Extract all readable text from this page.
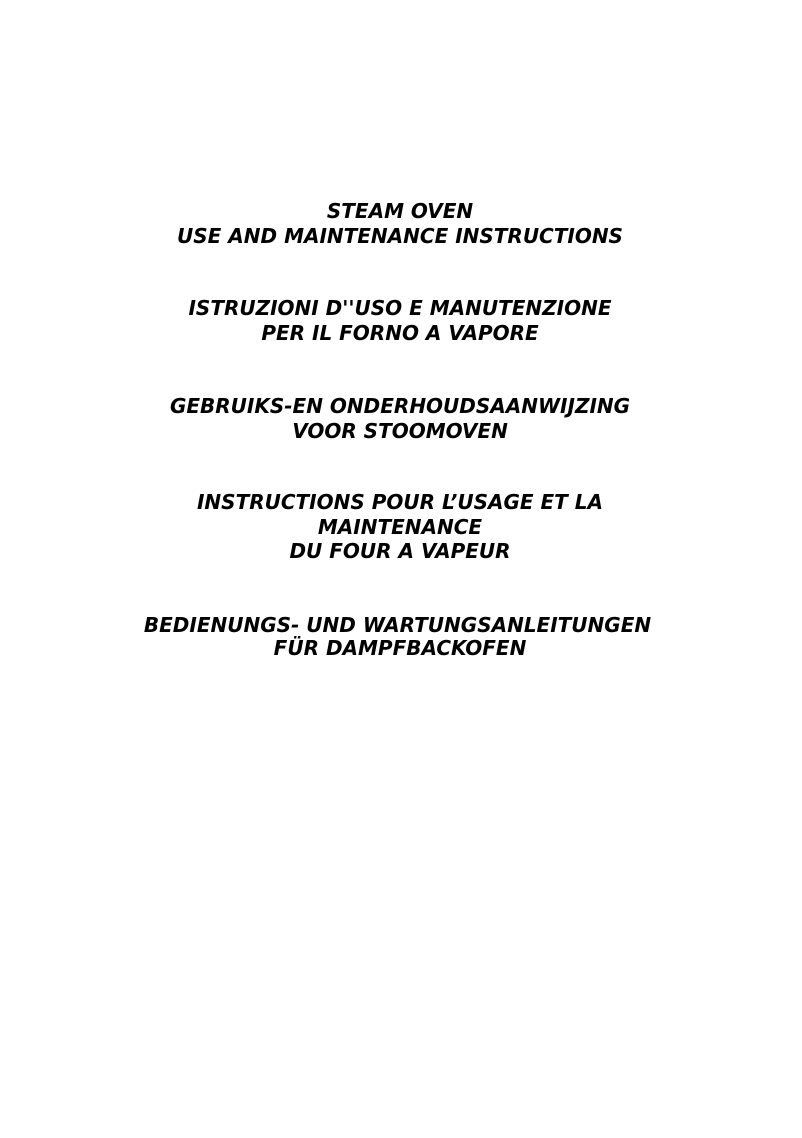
STEAM OVEN
USE AND MAINTENANCE INSTRUCTIONS
ISTRUZIONI D''USO E MANUTENZIONE
PER IL FORNO A VAPORE
GEBRUIKS-EN ONDERHOUDSAANWIJZING
VOOR STOOMOVEN
INSTRUCTIONS POUR L’USAGE ET LA
MAINTENANCE
DU FOUR A VAPEUR
BEDIENUNGS- UND WARTUNGSANLEITUNGEN
FÜR DAMPFBACKOFEN
